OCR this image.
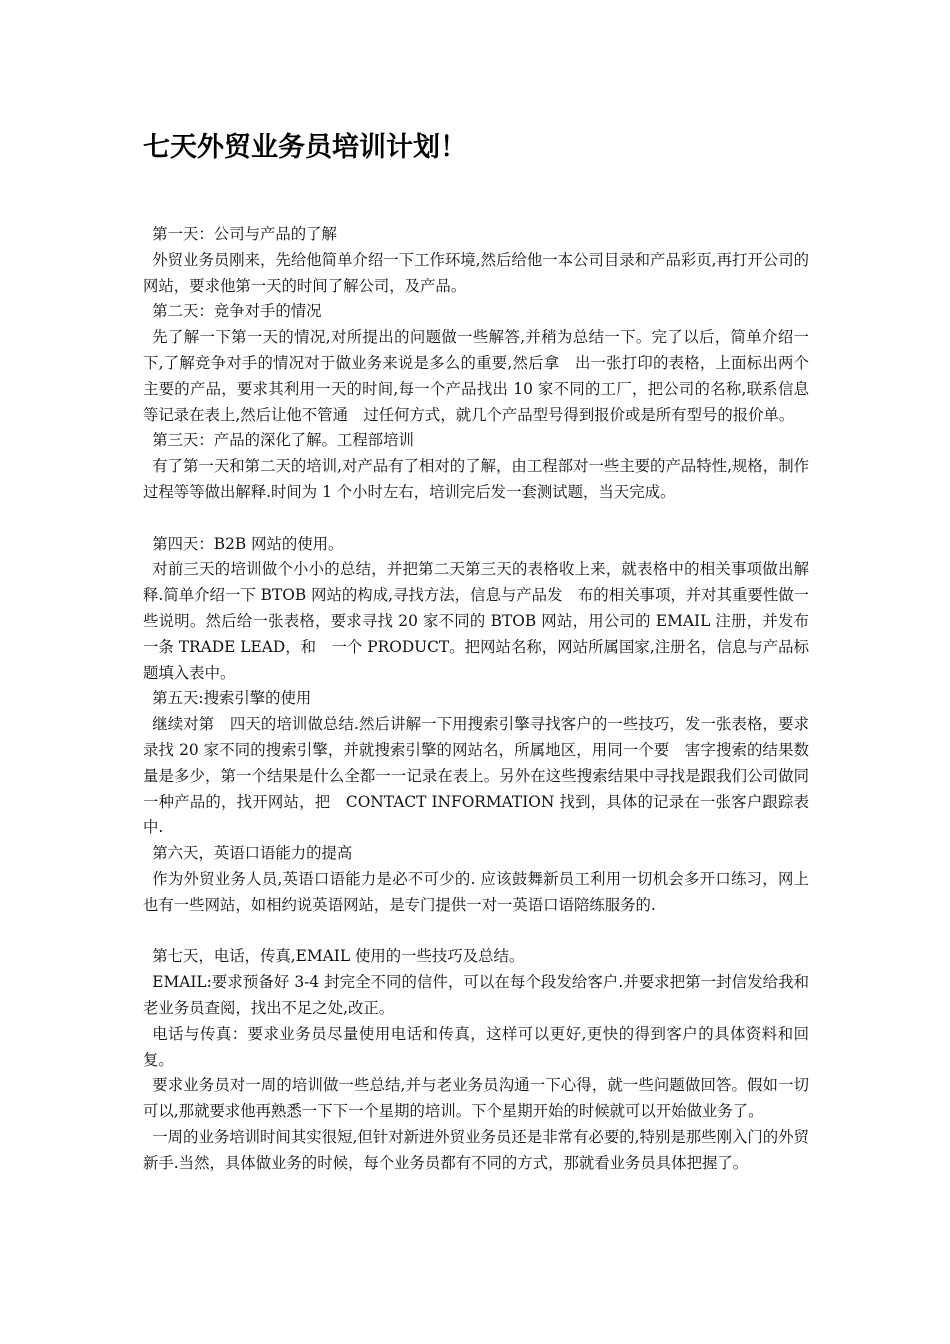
七天外贸业务员培训计划！

第一天：公司与产品的了解

外贸业务员刚来，先给他简单介绍一下工作环境,然后给他一本公司目录和产品彩页,再打开公司的网站，要求他第一天的时间了解公司，及产品。

第二天：竞争对手的情况

先了解一下第一天的情况,对所提出的问题做一些解答,并稍为总结一下。完了以后，简单介绍一下,了解竞争对手的情况对于做业务来说是多么的重要,然后拿　出一张打印的表格，上面标出两个主要的产品，要求其利用一天的时间,每一个产品找出 10 家不同的工厂，把公司的名称,联系信息等记录在表上,然后让他不管通　过任何方式，就几个产品型号得到报价或是所有型号的报价单。

第三天：产品的深化了解。工程部培训

有了第一天和第二天的培训,对产品有了相对的了解，由工程部对一些主要的产品特性,规格，制作过程等等做出解释.时间为 1 个小时左右，培训完后发一套测试题，当天完成。

第四天：B2B 网站的使用。

对前三天的培训做个小小的总结，并把第二天第三天的表格收上来，就表格中的相关事项做出解释.简单介绍一下 BTOB 网站的构成,寻找方法，信息与产品发　布的相关事项，并对其重要性做一些说明。然后给一张表格，要求寻找 20 家不同的 BTOB 网站，用公司的 EMAIL 注册，并发布一条 TRADE LEAD，和　一个 PRODUCT。把网站名称，网站所属国家,注册名，信息与产品标题填入表中。

第五天:搜索引擎的使用

继续对第　四天的培训做总结.然后讲解一下用搜索引擎寻找客户的一些技巧，发一张表格，要求录找 20 家不同的搜索引擎，并就搜索引擎的网站名，所属地区，用同一个要　害字搜索的结果数量是多少，第一个结果是什么全都一一记录在表上。另外在这些搜索结果中寻找是跟我们公司做同一种产品的，找开网站，把　CONTACT INFORMATION 找到，具体的记录在一张客户跟踪表中.

第六天，英语口语能力的提高

作为外贸业务人员,英语口语能力是必不可少的. 应该鼓舞新员工利用一切机会多开口练习，网上也有一些网站，如相约说英语网站，是专门提供一对一英语口语陪练服务的.

第七天，电话，传真,EMAIL 使用的一些技巧及总结。

EMAIL:要求预备好 3-4 封完全不同的信件，可以在每个段发给客户.并要求把第一封信发给我和老业务员查阅，找出不足之处,改正。

电话与传真：要求业务员尽量使用电话和传真，这样可以更好,更快的得到客户的具体资料和回复。

要求业务员对一周的培训做一些总结,并与老业务员沟通一下心得，就一些问题做回答。假如一切可以,那就要求他再熟悉一下下一个星期的培训。下个星期开始的时候就可以开始做业务了。

一周的业务培训时间其实很短,但针对新进外贸业务员还是非常有必要的,特别是那些刚入门的外贸新手.当然，具体做业务的时候，每个业务员都有不同的方式，那就看业务员具体把握了。
